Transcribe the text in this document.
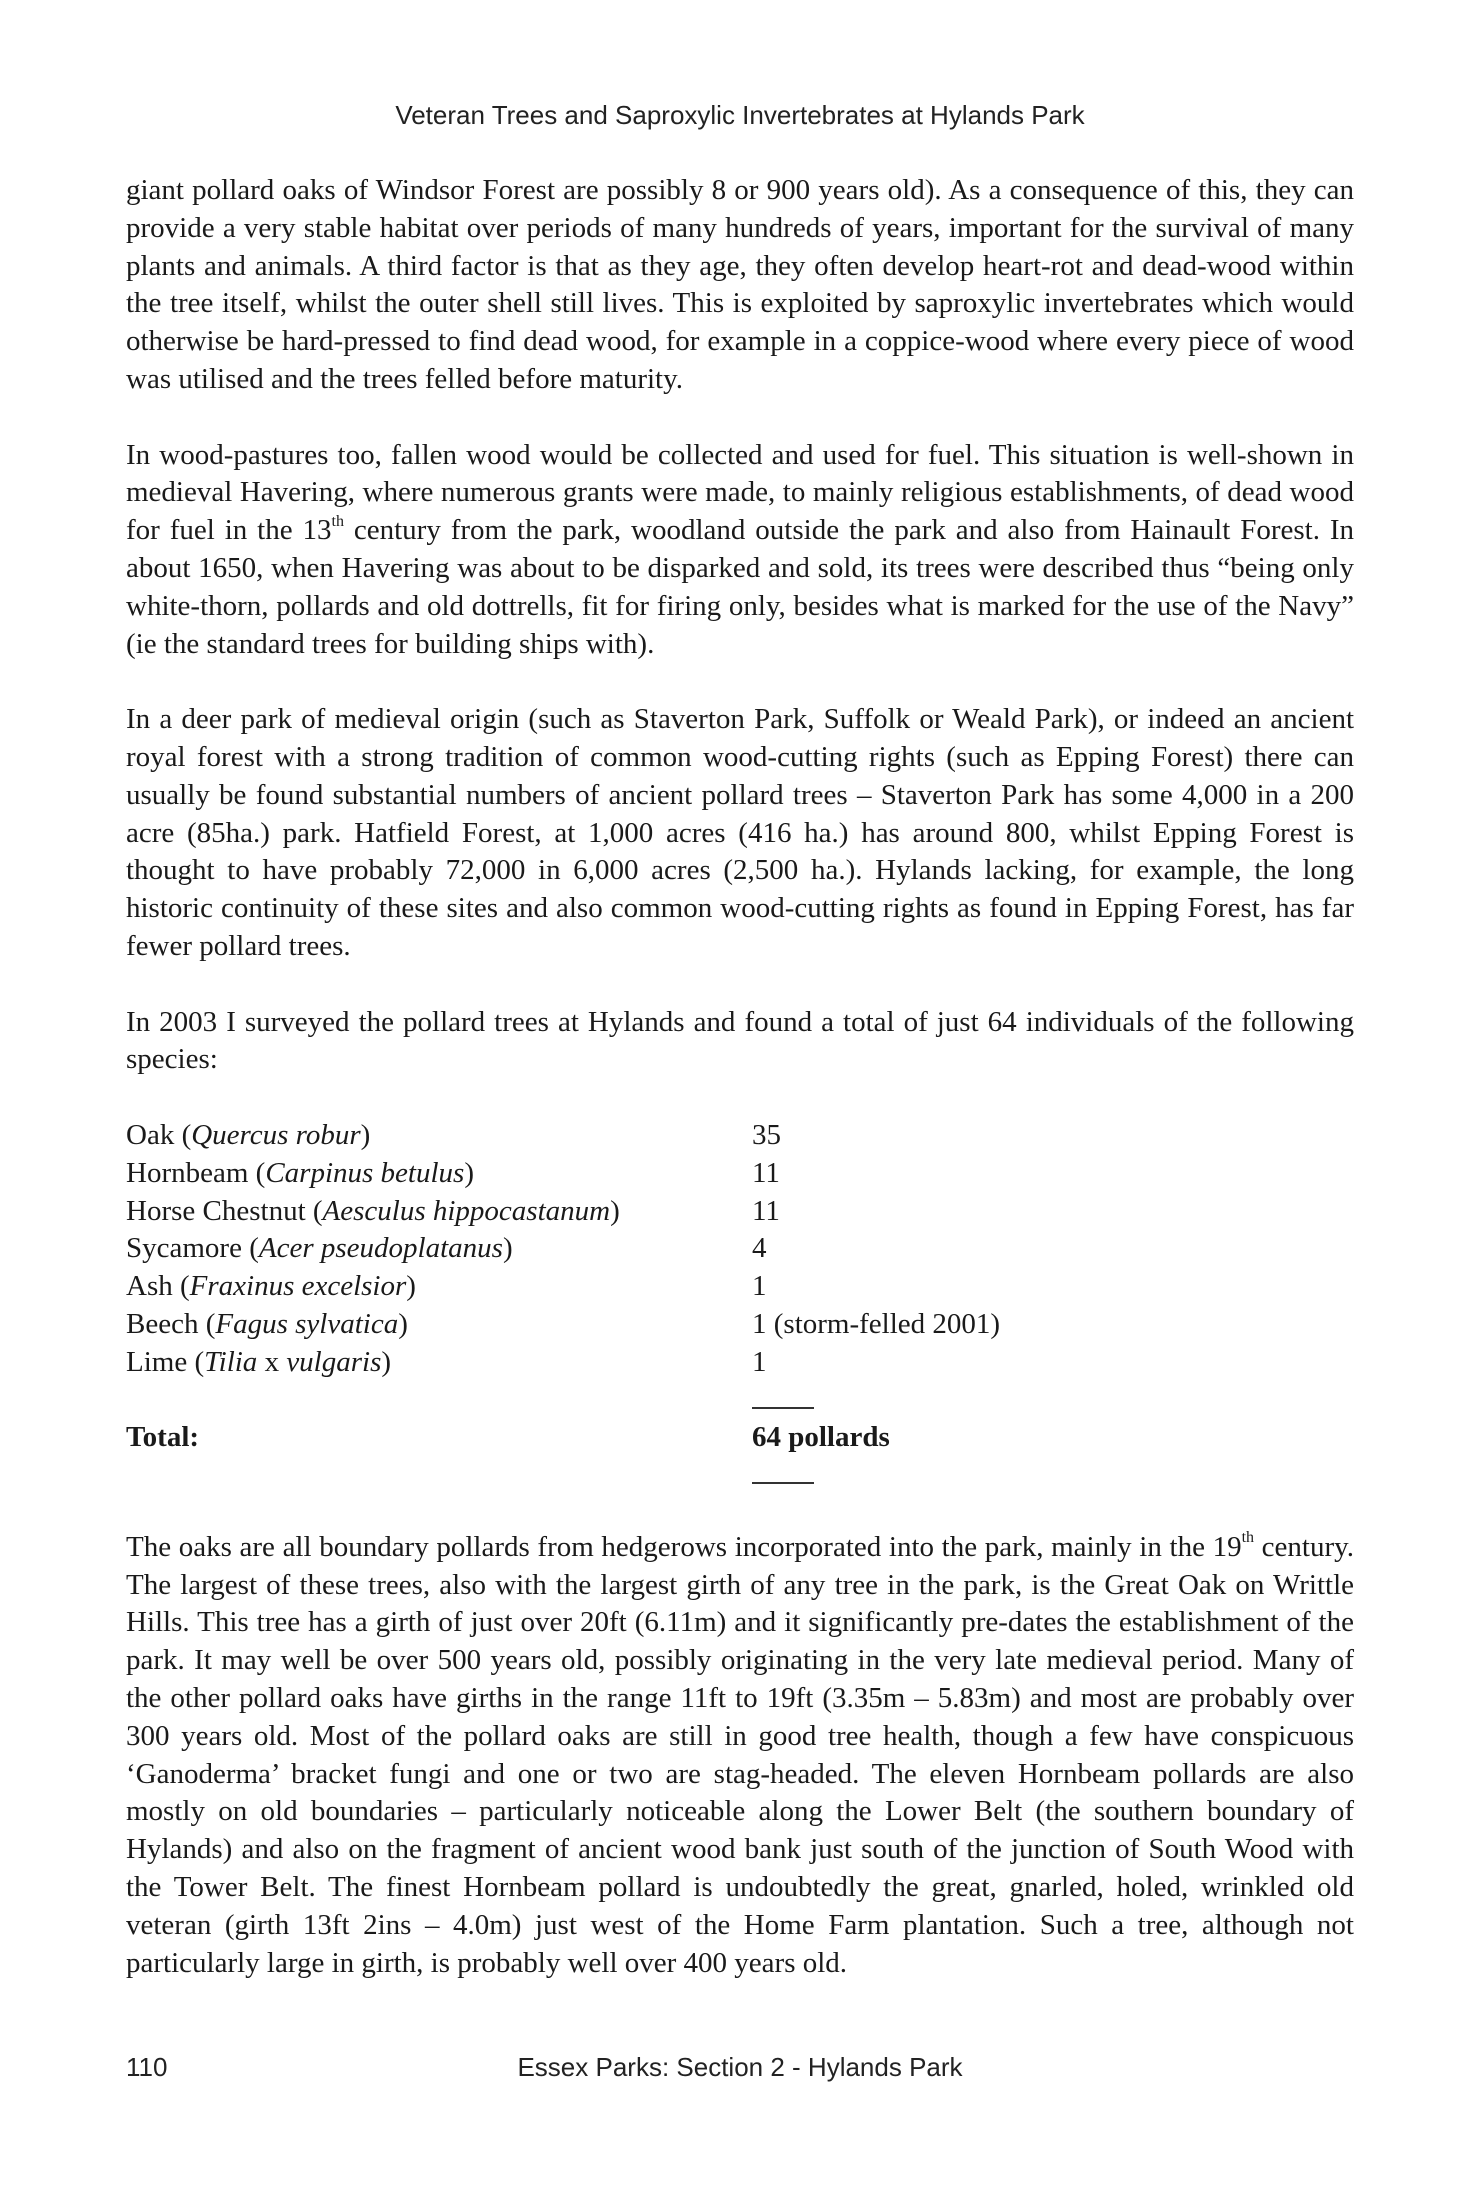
Veteran Trees and Saproxylic Invertebrates at Hylands Park

giant pollard oaks of Windsor Forest are possibly 8 or 900 years old). As a consequence of this, they can provide a very stable habitat over periods of many hundreds of years, important for the survival of many plants and animals. A third factor is that as they age, they often develop heart-rot and dead-wood within the tree itself, whilst the outer shell still lives. This is exploited by saproxylic invertebrates which would otherwise be hard-pressed to find dead wood, for example in a coppice-wood where every piece of wood was utilised and the trees felled before maturity.

In wood-pastures too, fallen wood would be collected and used for fuel. This situation is well-shown in medieval Havering, where numerous grants were made, to mainly religious establishments, of dead wood for fuel in the 13th century from the park, woodland outside the park and also from Hainault Forest. In about 1650, when Havering was about to be disparked and sold, its trees were described thus “being only white-thorn, pollards and old dottrells, fit for firing only, besides what is marked for the use of the Navy” (ie the standard trees for building ships with).

In a deer park of medieval origin (such as Staverton Park, Suffolk or Weald Park), or indeed an ancient royal forest with a strong tradition of common wood-cutting rights (such as Epping Forest) there can usually be found substantial numbers of ancient pollard trees – Staverton Park has some 4,000 in a 200 acre (85ha.) park. Hatfield Forest, at 1,000 acres (416 ha.) has around 800, whilst Epping Forest is thought to have probably 72,000 in 6,000 acres (2,500 ha.). Hylands lacking, for example, the long historic continuity of these sites and also common wood-cutting rights as found in Epping Forest, has far fewer pollard trees.

In 2003 I surveyed the pollard trees at Hylands and found a total of just 64 individuals of the following species:

Oak (Quercus robur)	35
Hornbeam (Carpinus betulus)	11
Horse Chestnut (Aesculus hippocastanum)	11
Sycamore (Acer pseudoplatanus)	4
Ash (Fraxinus excelsior)	1
Beech (Fagus sylvatica)	1 (storm-felled 2001)
Lime (Tilia x vulgaris)	1
Total:	64 pollards

The oaks are all boundary pollards from hedgerows incorporated into the park, mainly in the 19th century. The largest of these trees, also with the largest girth of any tree in the park, is the Great Oak on Writtle Hills. This tree has a girth of just over 20ft (6.11m) and it significantly pre-dates the establishment of the park. It may well be over 500 years old, possibly originating in the very late medieval period. Many of the other pollard oaks have girths in the range 11ft to 19ft (3.35m – 5.83m) and most are probably over 300 years old. Most of the pollard oaks are still in good tree health, though a few have conspicuous ‘Ganoderma’ bracket fungi and one or two are stag-headed. The eleven Hornbeam pollards are also mostly on old boundaries – particularly noticeable along the Lower Belt (the southern boundary of Hylands) and also on the fragment of ancient wood bank just south of the junction of South Wood with the Tower Belt. The finest Hornbeam pollard is undoubtedly the great, gnarled, holed, wrinkled old veteran (girth 13ft 2ins – 4.0m) just west of the Home Farm plantation. Such a tree, although not particularly large in girth, is probably well over 400 years old.

110	Essex Parks: Section 2 - Hylands Park
